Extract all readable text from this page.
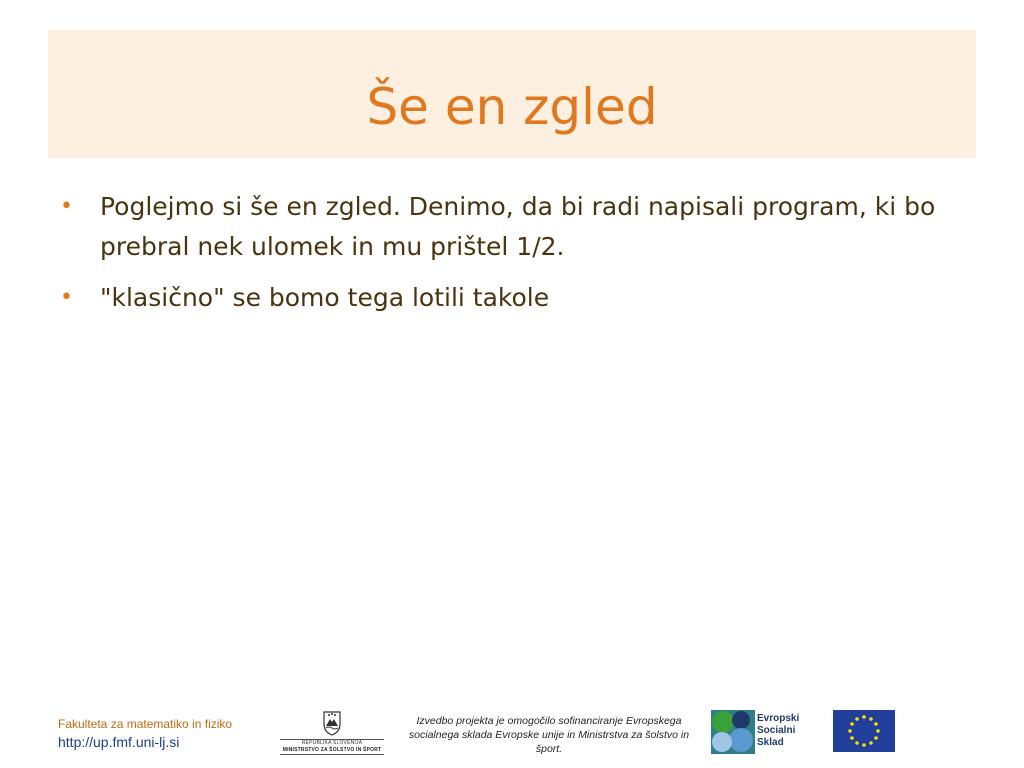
Še en zgled
• Poglejmo si še en zgled. Denimo, da bi radi napisali program, ki bo prebral nek ulomek in mu prištel 1/2.
• "klasično" se bomo tega lotili takole
Fakulteta za matematiko in fiziko
http://up.fmf.uni-lj.si	REPUBLIKA SLOVENIJA
MINISTRSTVO ZA ŠOLSTVO IN ŠPORT
Izvedbo projekta je omogočilo sofinanciranje Evropskega socialnega sklada Evropske unije in Ministrstva za šolstvo in šport.
Evropski
Socialni
Sklad
